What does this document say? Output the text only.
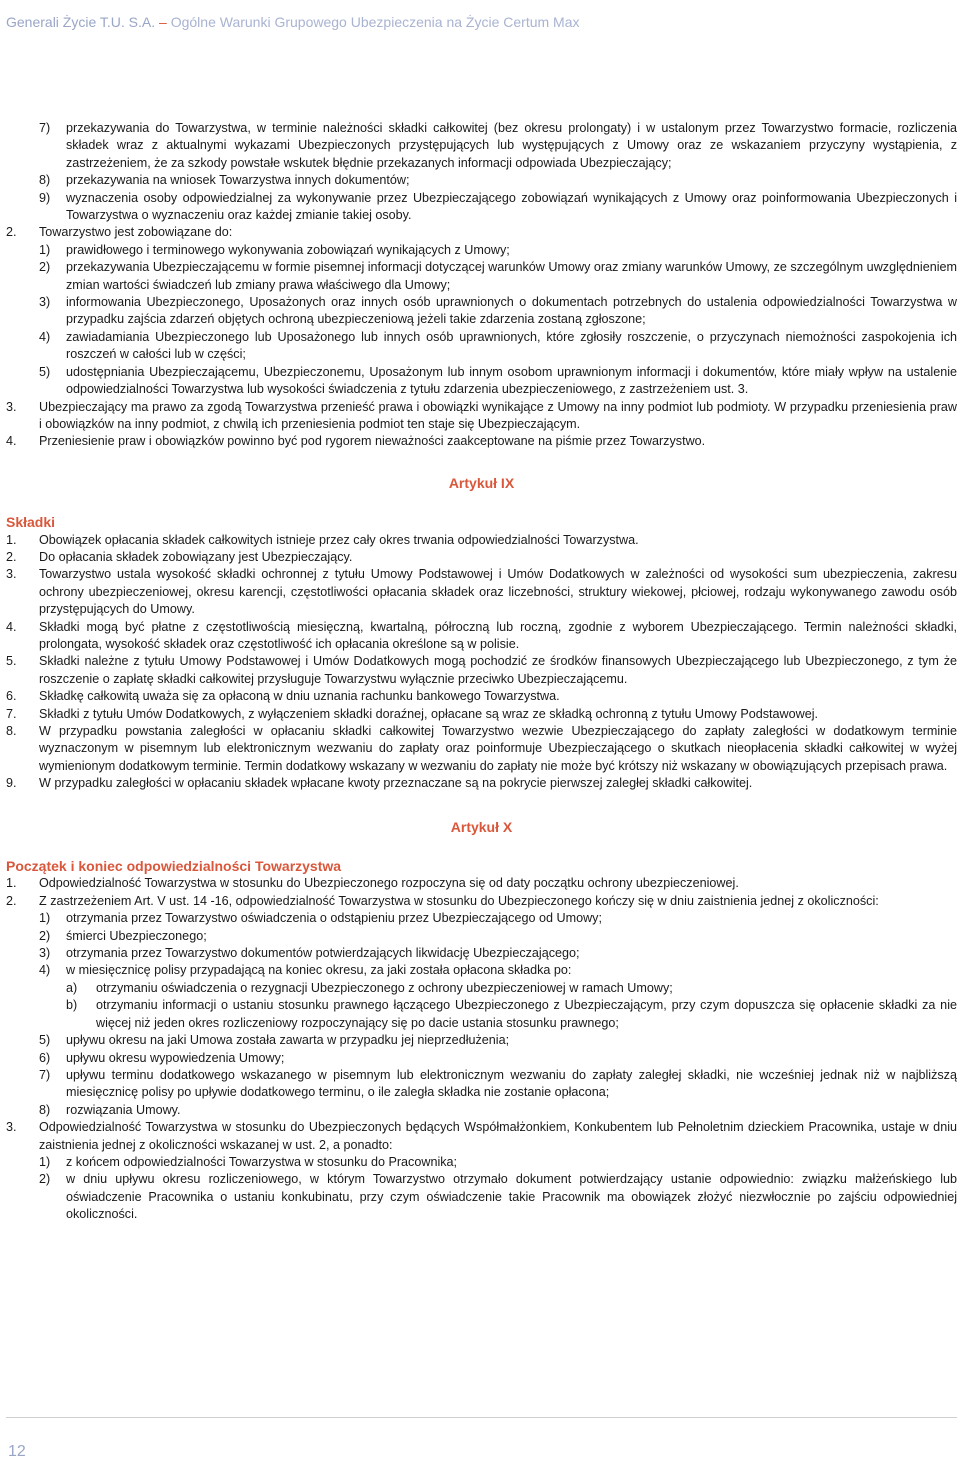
Generali Życie T.U. S.A. – Ogólne Warunki Grupowego Ubezpieczenia na Życie Certum Max
7)	przekazywania do Towarzystwa, w terminie należności składki całkowitej (bez okresu prolongaty) i w ustalonym przez Towarzystwo formacie, rozliczenia składek wraz z aktualnymi wykazami Ubezpieczonych przystępujących lub występujących z Umowy oraz ze wskazaniem przyczyny wystąpienia, z zastrzeżeniem, że za szkody powstałe wskutek błędnie przekazanych informacji odpowiada Ubezpieczający;
8)	przekazywania na wniosek Towarzystwa innych dokumentów;
9)	wyznaczenia osoby odpowiedzialnej za wykonywanie przez Ubezpieczającego zobowiązań wynikających z Umowy oraz poinformowania Ubezpieczonych i Towarzystwa o wyznaczeniu oraz każdej zmianie takiej osoby.
2.	Towarzystwo jest zobowiązane do:
1)	prawidłowego i terminowego wykonywania zobowiązań wynikających z Umowy;
2)	przekazywania Ubezpieczającemu w formie pisemnej informacji dotyczącej warunków Umowy oraz zmiany warunków Umowy, ze szczególnym uwzględnieniem zmian wartości świadczeń lub zmiany prawa właściwego dla Umowy;
3)	informowania Ubezpieczonego, Uposażonych oraz innych osób uprawnionych o dokumentach potrzebnych do ustalenia odpowiedzialności Towarzystwa w przypadku zajścia zdarzeń objętych ochroną ubezpieczeniową jeżeli takie zdarzenia zostaną zgłoszone;
4)	zawiadamiania Ubezpieczonego lub Uposażonego lub innych osób uprawnionych, które zgłosiły roszczenie, o przyczynach niemożności zaspokojenia ich roszczeń w całości lub w części;
5)	udostępniania Ubezpieczającemu, Ubezpieczonemu, Uposażonym lub innym osobom uprawnionym informacji i dokumentów, które miały wpływ na ustalenie odpowiedzialności Towarzystwa lub wysokości świadczenia z tytułu zdarzenia ubezpieczeniowego, z zastrzeżeniem ust. 3.
3.	Ubezpieczający ma prawo za zgodą Towarzystwa przenieść prawa i obowiązki wynikające z Umowy na inny podmiot lub podmioty. W przypadku przeniesienia praw i obowiązków na inny podmiot, z chwilą ich przeniesienia podmiot ten staje się Ubezpieczającym.
4.	Przeniesienie praw i obowiązków powinno być pod rygorem nieważności zaakceptowane na piśmie przez Towarzystwo.
Artykuł IX
Składki
1.	Obowiązek opłacania składek całkowitych istnieje przez cały okres trwania odpowiedzialności Towarzystwa.
2.	Do opłacania składek zobowiązany jest Ubezpieczający.
3.	Towarzystwo ustala wysokość składki ochronnej z tytułu Umowy Podstawowej i Umów Dodatkowych w zależności od wysokości sum ubezpieczenia, zakresu ochrony ubezpieczeniowej, okresu karencji, częstotliwości opłacania składek oraz liczebności, struktury wiekowej, płciowej, rodzaju wykonywanego zawodu osób przystępujących do Umowy.
4.	Składki mogą być płatne z częstotliwością miesięczną, kwartalną, półroczną lub roczną, zgodnie z wyborem Ubezpieczającego. Termin należności składki, prolongata, wysokość składek oraz częstotliwość ich opłacania określone są w polisie.
5.	Składki należne z tytułu Umowy Podstawowej i Umów Dodatkowych mogą pochodzić ze środków finansowych Ubezpieczającego lub Ubezpieczonego, z tym że roszczenie o zapłatę składki całkowitej przysługuje Towarzystwu wyłącznie przeciwko Ubezpieczającemu.
6.	Składkę całkowitą uważa się za opłaconą w dniu uznania rachunku bankowego Towarzystwa.
7.	Składki z tytułu Umów Dodatkowych, z wyłączeniem składki doraźnej, opłacane są wraz ze składką ochronną z tytułu Umowy Podstawowej.
8.	W przypadku powstania zaległości w opłacaniu składki całkowitej Towarzystwo wezwie Ubezpieczającego do zapłaty zaległości w dodatkowym terminie wyznaczonym w pisemnym lub elektronicznym wezwaniu do zapłaty oraz poinformuje Ubezpieczającego o skutkach nieopłacenia składki całkowitej w wyżej wymienionym dodatkowym terminie. Termin dodatkowy wskazany w wezwaniu do zapłaty nie może być krótszy niż wskazany w obowiązujących przepisach prawa.
9.	W przypadku zaległości w opłacaniu składek wpłacane kwoty przeznaczane są na pokrycie pierwszej zaległej składki całkowitej.
Artykuł X
Początek i koniec odpowiedzialności Towarzystwa
1.	Odpowiedzialność Towarzystwa w stosunku do Ubezpieczonego rozpoczyna się od daty początku ochrony ubezpieczeniowej.
2.	Z zastrzeżeniem Art. V ust. 14 -16, odpowiedzialność Towarzystwa w stosunku do Ubezpieczonego kończy się w dniu zaistnienia jednej z okoliczności:
1)	otrzymania przez Towarzystwo oświadczenia o odstąpieniu przez Ubezpieczającego od Umowy;
2)	śmierci Ubezpieczonego;
3)	otrzymania przez Towarzystwo dokumentów potwierdzających likwidację Ubezpieczającego;
4)	w miesięcznicę polisy przypadającą na koniec okresu, za jaki została opłacona składka po:
a)	otrzymaniu oświadczenia o rezygnacji Ubezpieczonego z ochrony ubezpieczeniowej w ramach Umowy;
b)	otrzymaniu informacji o ustaniu stosunku prawnego łączącego Ubezpieczonego z Ubezpieczającym, przy czym dopuszcza się opłacenie składki za nie więcej niż jeden okres rozliczeniowy rozpoczynający się po dacie ustania stosunku prawnego;
5)	upływu okresu na jaki Umowa została zawarta w przypadku jej nieprzedłużenia;
6)	upływu okresu wypowiedzenia Umowy;
7)	upływu terminu dodatkowego wskazanego w pisemnym lub elektronicznym wezwaniu do zapłaty zaległej składki, nie wcześniej jednak niż w najbliższą miesięcznicę polisy po upływie dodatkowego terminu, o ile zaległa składka nie zostanie opłacona;
8)	rozwiązania Umowy.
3.	Odpowiedzialność Towarzystwa w stosunku do Ubezpieczonych będących Współmałżonkiem, Konkubentem lub Pełnoletnim dzieckiem Pracownika, ustaje w dniu zaistnienia jednej z okoliczności wskazanej w ust. 2, a ponadto:
1)	z końcem odpowiedzialności Towarzystwa w stosunku do Pracownika;
2)	w dniu upływu okresu rozliczeniowego, w którym Towarzystwo otrzymało dokument potwierdzający ustanie odpowiednio: związku małżeńskiego lub oświadczenie Pracownika o ustaniu konkubinatu, przy czym oświadczenie takie Pracownik ma obowiązek złożyć niezwłocznie po zajściu odpowiedniej okoliczności.
12
